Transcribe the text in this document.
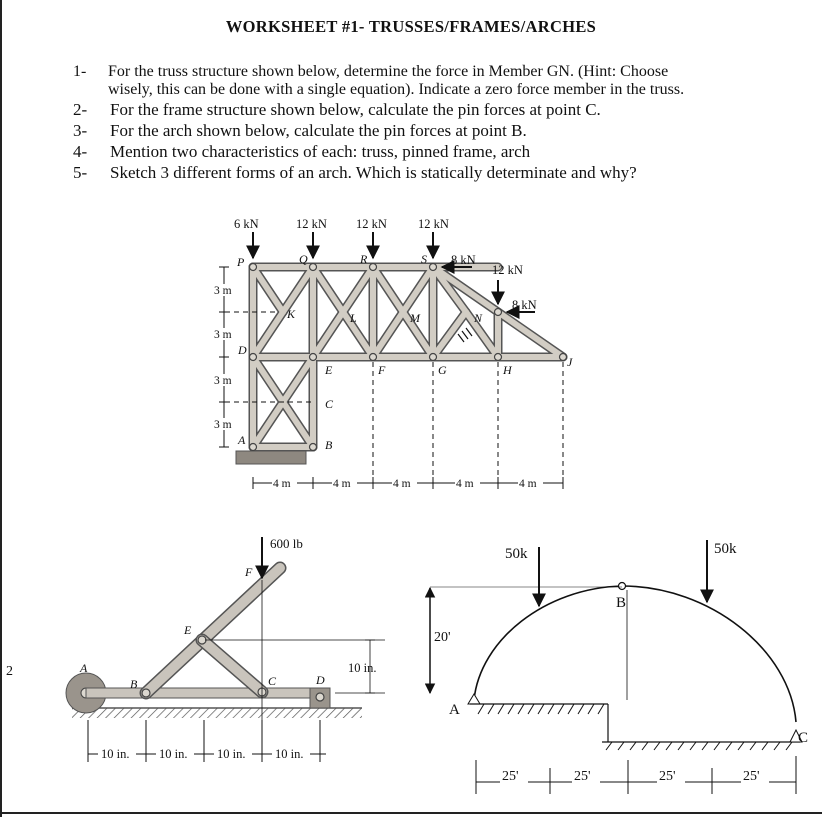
WORKSHEET #1- TRUSSES/FRAMES/ARCHES
1- For the truss structure shown below, determine the force in Member GN. (Hint: Choose
wisely, this can be done with a single equation). Indicate a zero force member in the truss.
2- For the frame structure shown below, calculate the pin forces at point C.
3- For the arch shown below, calculate the pin forces at point B.
4- Mention two characteristics of each: truss, pinned frame, arch
5- Sketch 3 different forms of an arch. Which is statically determinate and why?
2
6 kN	12 kN 12 kN 12 kN
8 kN
12 kN
8 kN
P	Q	R	S
K	L	M	N
D
E	F	G	H
J
C
A	B
3 m
3 m
3 m
3 m
4 m	4 m	4 m	4 m	4 m
600 lb
10 in.
A
B	C	D
E
F
10 in. 10 in. 10 in. 10 in.
50k	50k
20'
B
A
C
25'	25'	25'	25'
